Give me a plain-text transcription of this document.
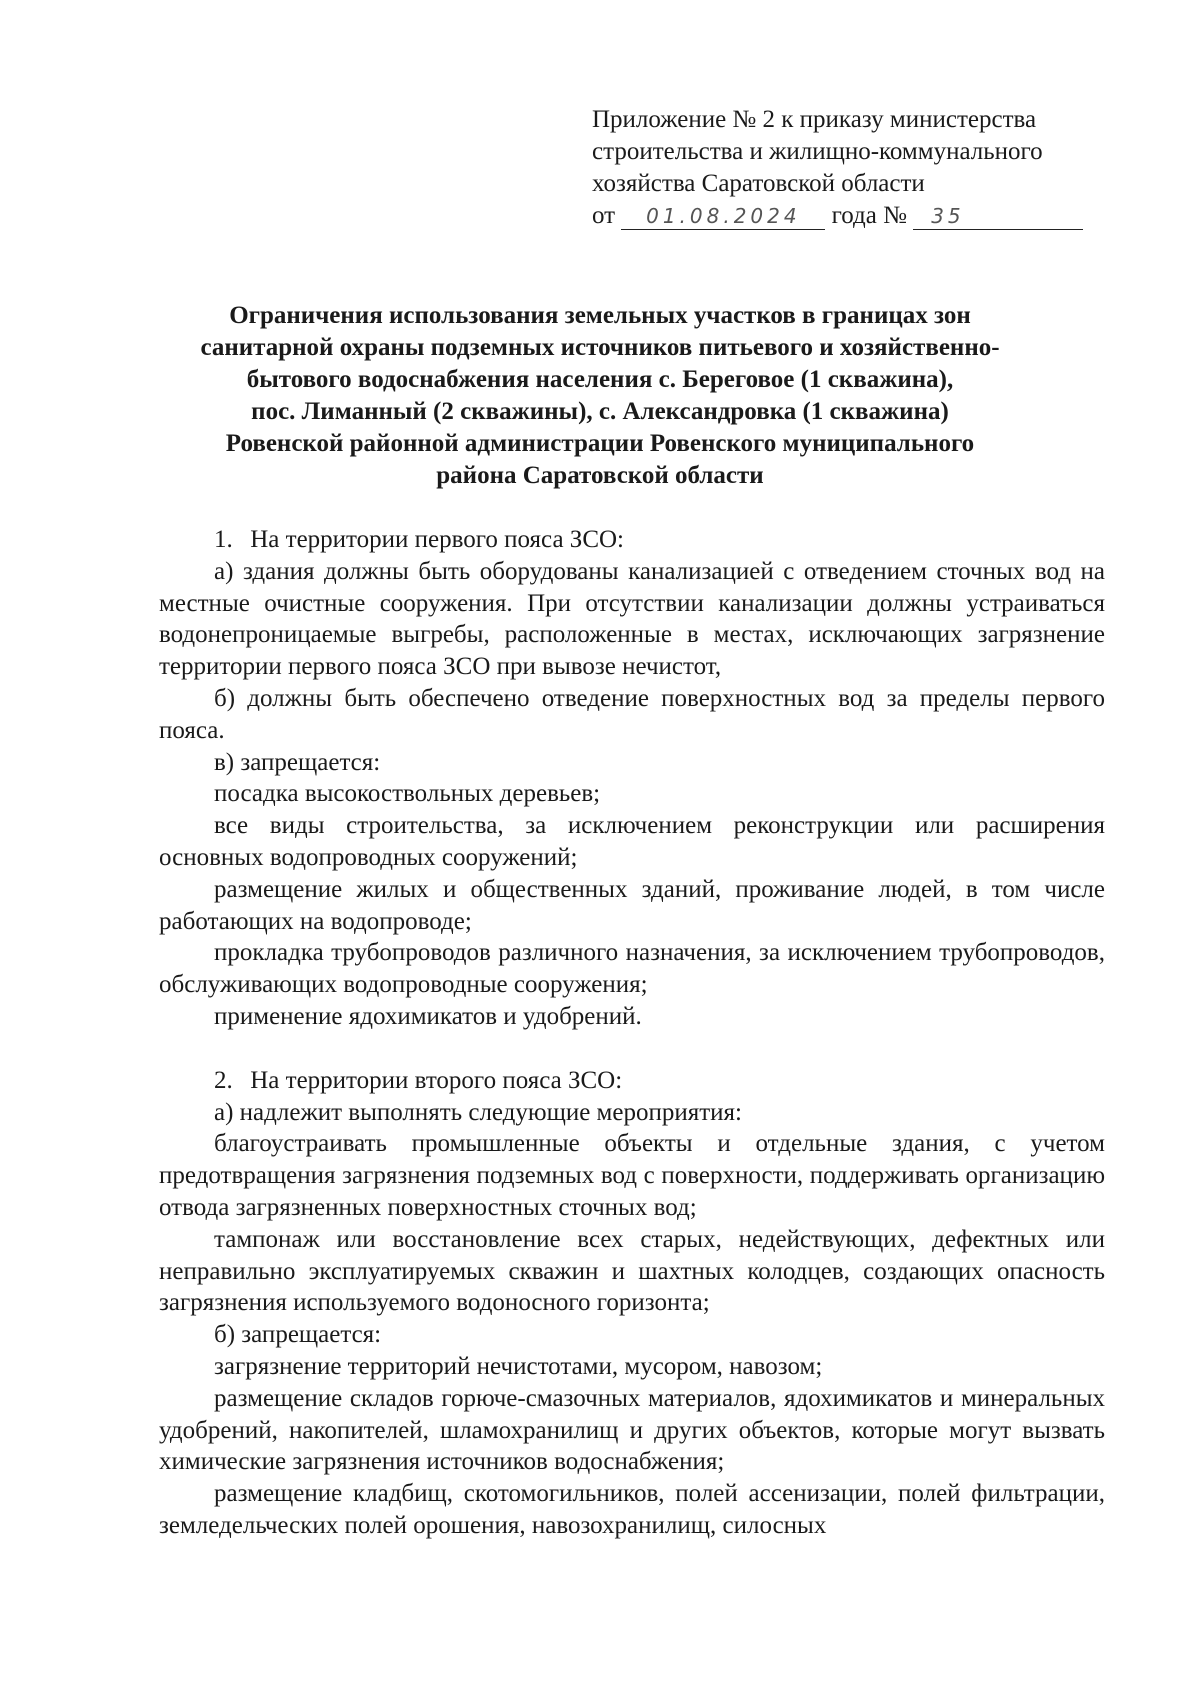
Приложение № 2 к приказу министерства
строительства и жилищно-коммунального
хозяйства Саратовской области
от 01.08.2024 года № 35
Ограничения использования земельных участков в границах зон
санитарной охраны подземных источников питьевого и хозяйственно-
бытового водоснабжения населения с. Береговое (1 скважина),
пос. Лиманный (2 скважины), с. Александровка (1 скважина)
Ровенской районной администрации Ровенского муниципального
района Саратовской области
1. На территории первого пояса ЗСО:

а) здания должны быть оборудованы канализацией с отведением сточных вод на местные очистные сооружения. При отсутствии канализации должны устраиваться водонепроницаемые выгребы, расположенные в местах, исключающих загрязнение территории первого пояса ЗСО при вывозе нечистот,

б) должны быть обеспечено отведение поверхностных вод за пределы первого пояса.

в) запрещается:

посадка высокоствольных деревьев;

все виды строительства, за исключением реконструкции или расширения основных водопроводных сооружений;

размещение жилых и общественных зданий, проживание людей, в том числе работающих на водопроводе;

прокладка трубопроводов различного назначения, за исключением трубопроводов, обслуживающих водопроводные сооружения;

применение ядохимикатов и удобрений.

2. На территории второго пояса ЗСО:

а) надлежит выполнять следующие мероприятия:

благоустраивать промышленные объекты и отдельные здания, с учетом предотвращения загрязнения подземных вод с поверхности, поддерживать организацию отвода загрязненных поверхностных сточных вод;

тампонаж или восстановление всех старых, недействующих, дефектных или неправильно эксплуатируемых скважин и шахтных колодцев, создающих опасность загрязнения используемого водоносного горизонта;

б) запрещается:

загрязнение территорий нечистотами, мусором, навозом;

размещение складов горюче-смазочных материалов, ядохимикатов и минеральных удобрений, накопителей, шламохранилищ и других объектов, которые могут вызвать химические загрязнения источников водоснабжения;

размещение кладбищ, скотомогильников, полей ассенизации, полей фильтрации, земледельческих полей орошения, навозохранилищ, силосных
